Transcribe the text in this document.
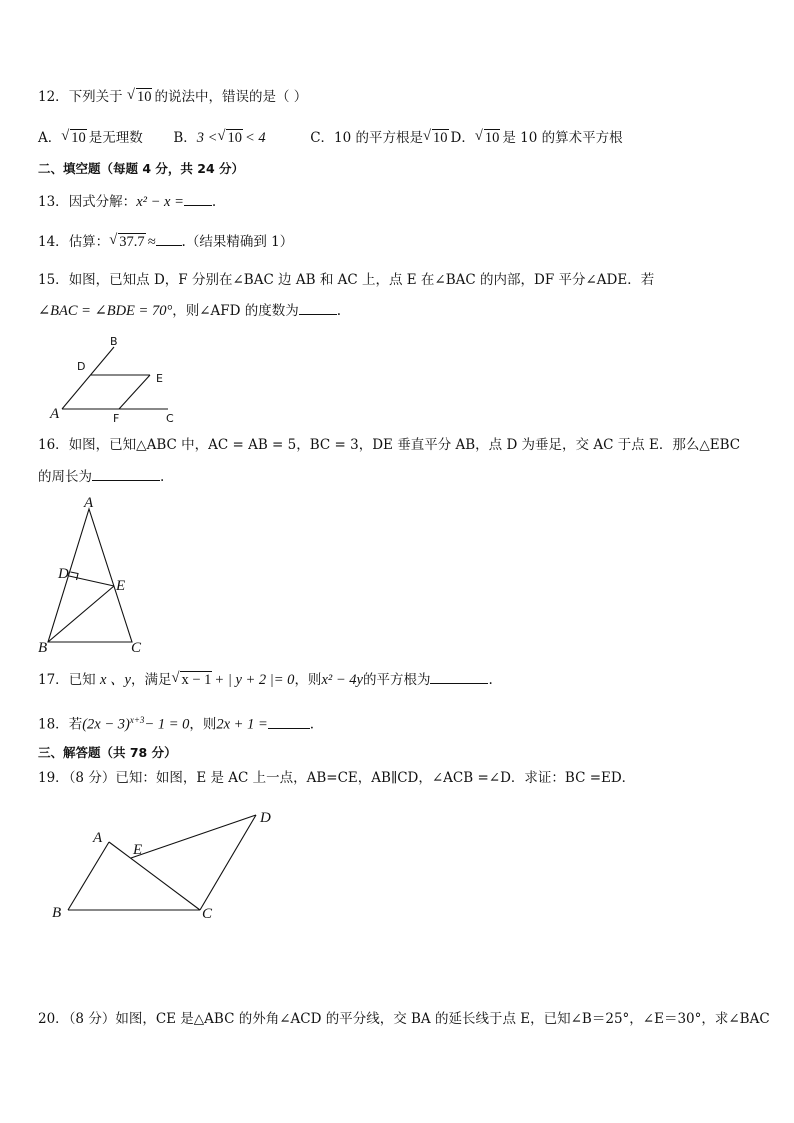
12．下列关于 √ 10 的说法中，错误的是（ ）
A． √ 10 是无理数 B．3 < √ 10 < 4	C．10 的平方根是 √ 10 D． √ 10 是 10 的算术平方根
二、填空题（每题 4 分，共 24 分）
13．因式分解：x² − x = .
14．估算： √ 37.7 ≈ .（结果精确到 1）
15．如图，已知点 D，F 分别在∠BAC 边 AB 和 AC 上，点 E 在∠BAC 的内部，DF 平分∠ADE．若
∠BAC = ∠BDE = 70°，则∠AFD 的度数为	.
A
B
C
D
E
F
16．如图，已知△ABC 中，AC = AB = 5，BC = 3，DE 垂直平分 AB，点 D 为垂足，交 AC 于点 E．那么△EBC
的周长为	.
A
D
E
B	C
17．已知 x 、y，满足 √ x − 1 + | y + 2 |= 0，则x² − 4y的平方根为	.
18．若$(2x - 3)^{x+3}- 1 = 0$，则2x + 1 =	.
三、解答题（共 78 分）
19．（8 分）已知：如图，E 是 AC 上一点，AB=CE，AB∥CD，∠ACB =∠D．求证：BC =ED．
A
E
B	C
D
20．（8 分）如图，CE 是△ABC 的外角∠ACD 的平分线，交 BA 的延长线于点 E，已知∠B＝25°，∠E＝30°，求∠BAC
